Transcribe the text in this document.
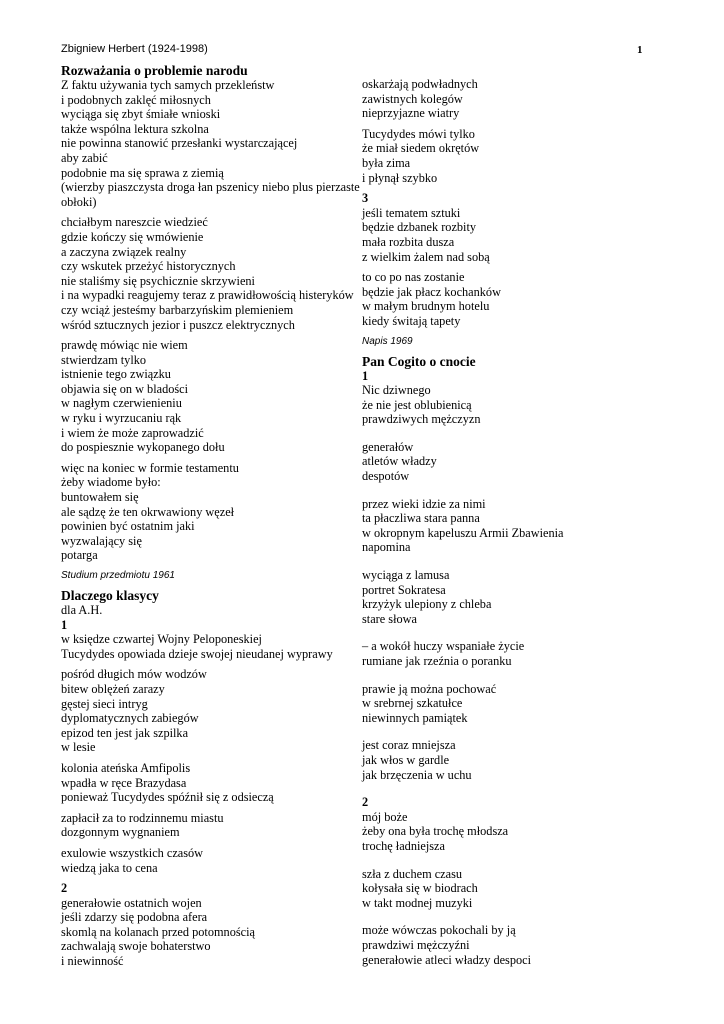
Zbigniew Herbert (1924-1998)	1
Rozważania o problemie narodu
Z faktu używania tych samych przekleństw
i podobnych zaklęć miłosnych
wyciąga się zbyt śmiałe wnioski
także wspólna lektura szkolna
nie powinna stanowić przesłanki wystarczającej
aby zabić
podobnie ma się sprawa z ziemią
(wierzby piaszczysta droga łan pszenicy niebo plus pierzaste obłoki)
chciałbym nareszcie wiedzieć
gdzie kończy się wmówienie
a zaczyna związek realny
czy wskutek przeżyć historycznych
nie staliśmy się psychicznie skrzywieni
i na wypadki reagujemy teraz z prawidłowością histeryków
czy wciąż jesteśmy barbarzyńskim plemieniem
wśród sztucznych jezior i puszcz elektrycznych
prawdę mówiąc nie wiem
stwierdzam tylko
istnienie tego związku
objawia się on w bladości
w nagłym czerwienieniu
w ryku i wyrzucaniu rąk
i wiem że może zaprowadzić
do pospiesznie wykopanego dołu
więc na koniec w formie testamentu
żeby wiadome było:
buntowałem się
ale sądzę że ten okrwawiony węzeł
powinien być ostatnim jaki
wyzwalający się
potarga
Studium przedmiotu 1961
Dlaczego klasycy
dla A.H.
1
w księdze czwartej Wojny Peloponeskiej
Tucydydes opowiada dzieje swojej nieudanej wyprawy
pośród długich mów wodzów
bitew oblężeń zarazy
gęstej sieci intryg
dyplomatycznych zabiegów
epizod ten jest jak szpilka
w lesie
kolonia ateńska Amfipolis
wpadła w ręce Brazydasa
ponieważ Tucydydes spóźnił się z odsieczą
zapłacił za to rodzinnemu miastu
dozgonnym wygnaniem
exulowie wszystkich czasów
wiedzą jaka to cena
2
generałowie ostatnich wojen
jeśli zdarzy się podobna afera
skomlą na kolanach przed potomnością
zachwalają swoje bohaterstwo
i niewinność
oskarżają podwładnych
zawistnych kolegów
nieprzyjazne wiatry
Tucydydes mówi tylko
że miał siedem okrętów
była zima
i płynął szybko
3
jeśli tematem sztuki
będzie dzbanek rozbity
mała rozbita dusza
z wielkim żalem nad sobą
to co po nas zostanie
będzie jak płacz kochanków
w małym brudnym hotelu
kiedy świtają tapety
Napis 1969
Pan Cogito o cnocie
1
Nic dziwnego
że nie jest oblubienicą
prawdziwych mężczyzn
generałów
atletów władzy
despotów
przez wieki idzie za nimi
ta płaczliwa stara panna
w okropnym kapeluszu Armii Zbawienia
napomina
wyciąga z lamusa
portret Sokratesa
krzyżyk ulepiony z chleba
stare słowa
– a wokół huczy wspaniałe życie
rumiane jak rzeźnia o poranku
prawie ją można pochować
w srebrnej szkatułce
niewinnych pamiątek
jest coraz mniejsza
jak włos w gardle
jak brzęczenia w uchu
2
mój boże
żeby ona była trochę młodsza
trochę ładniejsza
szła z duchem czasu
kołysała się w biodrach
w takt modnej muzyki
może wówczas pokochali by ją
prawdziwi mężczyźni
generałowie atleci władzy despoci
